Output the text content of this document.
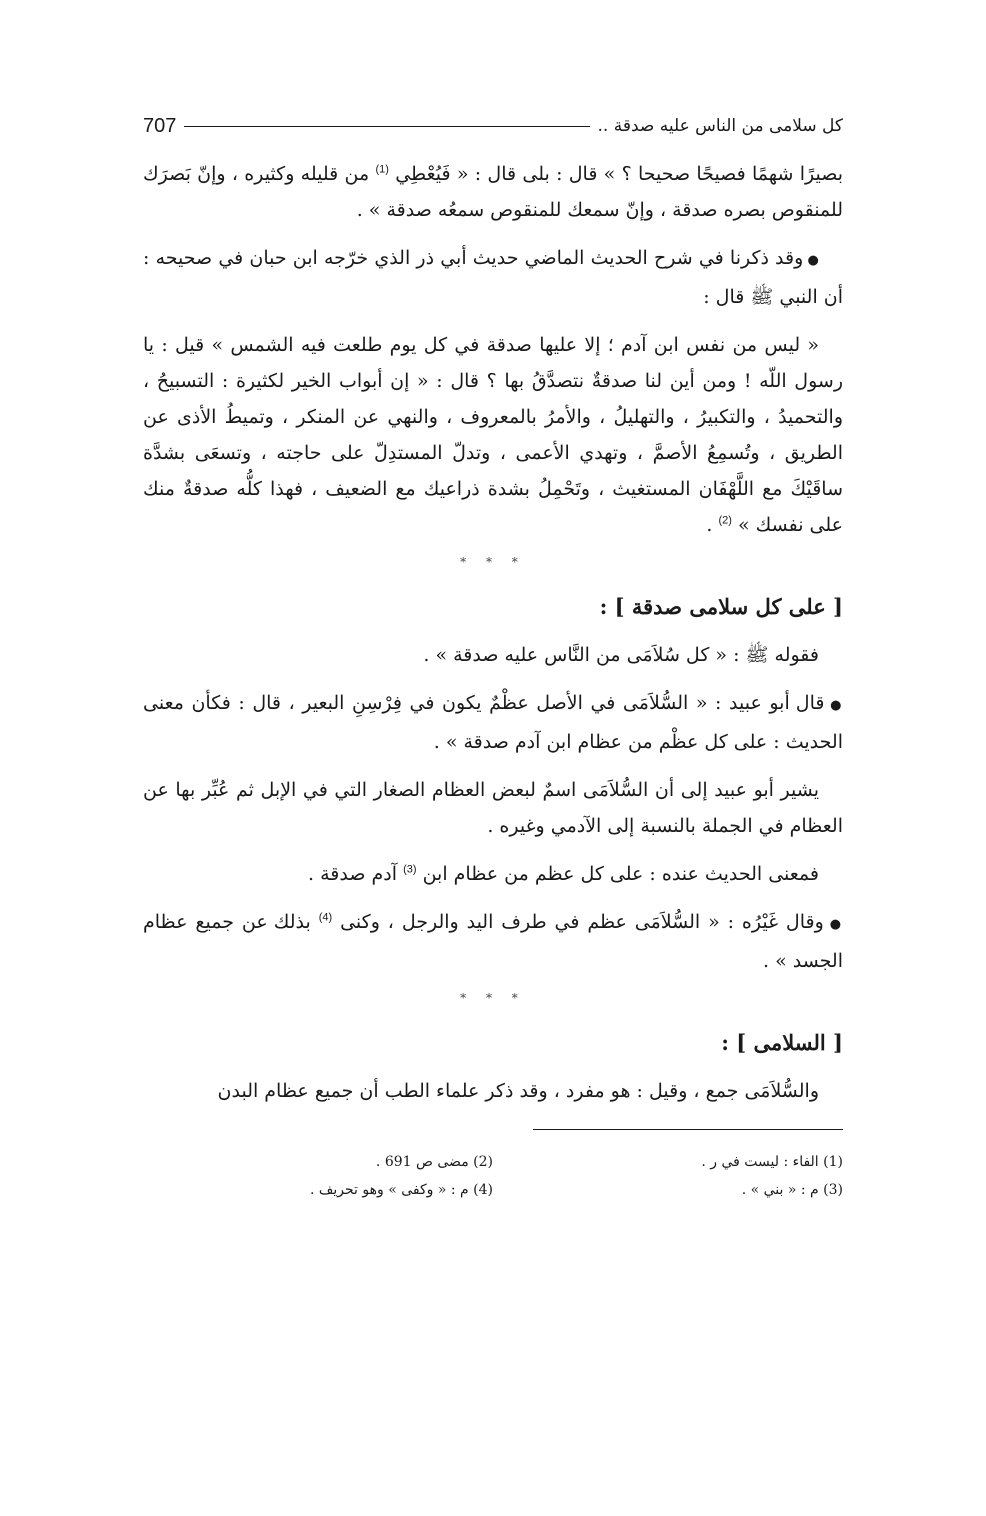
كل سلامى من الناس عليه صدقة ..
707

بصيرًا شهمًا فصيحًا صحيحا ؟ » قال : بلى قال : « فَيُعْطِي $^{(1)}$ من قليله وكثيره ، وإنّ بَصرَك للمنقوص بصره صدقة ، وإنّ سمعك للمنقوص سمعُه صدقة » .

● وقد ذكرنا في شرح الحديث الماضي حديث أبي ذر الذي خرّجه ابن حبان في صحيحه : أن النبي ﷺ قال :

« ليس من نفس ابن آدم ؛ إلا عليها صدقة في كل يوم طلعت فيه الشمس » قيل : يا رسول اللّه ! ومن أين لنا صدقةٌ نتصدَّقُ بها ؟ قال : « إن أبواب الخير لكثيرة : التسبيحُ ، والتحميدُ ، والتكبيرُ ، والتهليلُ ، والأمرُ بالمعروف ، والنهي عن المنكر ، وتميطُ الأذى عن الطريق ، وتُسمِعُ الأصمَّ ، وتهدي الأعمى ، وتدلّ المستدِلّ على حاجته ، وتسعَى بشدَّة ساقَيْكَ مع اللَّهْفَان المستغيث ، وتَحْمِلُ بشدة ذراعيك مع الضعيف ، فهذا كلُّه صدقةٌ منك على نفسك » $^{(2)}$ .

* * *
[ على كل سلامى صدقة ] :

فقوله ﷺ : « كل سُلاَمَى من النَّاس عليه صدقة » .

● قال أبو عبيد : « السُّلاَمَى في الأصل عظْمٌ يكون في فِرْسِنِ البعير ، قال : فكأن معنى الحديث : على كل عظْم من عظام ابن آدم صدقة » .

يشير أبو عبيد إلى أن السُّلاَمَى اسمٌ لبعض العظام الصغار التي في الإبل ثم عُبِّر بها عن العظام في الجملة بالنسبة إلى الآدمي وغيره .

فمعنى الحديث عنده : على كل عظم من عظام ابن $^{(3)}$ آدم صدقة .

● وقال غَيْرُه : « السُّلاَمَى عظم في طرف اليد والرجل ، وكنى $^{(4)}$ بذلك عن جميع عظام الجسد » .

* * *
[ السلامى ] :

والسُّلاَمَى جمع ، وقيل : هو مفرد ، وقد ذكر علماء الطب أن جميع عظام البدن

(1) الفاء : ليست في ر .
(2) مضى ص 691 .
(3) م : « بني » .
(4) م : « وكفى » وهو تحريف .
